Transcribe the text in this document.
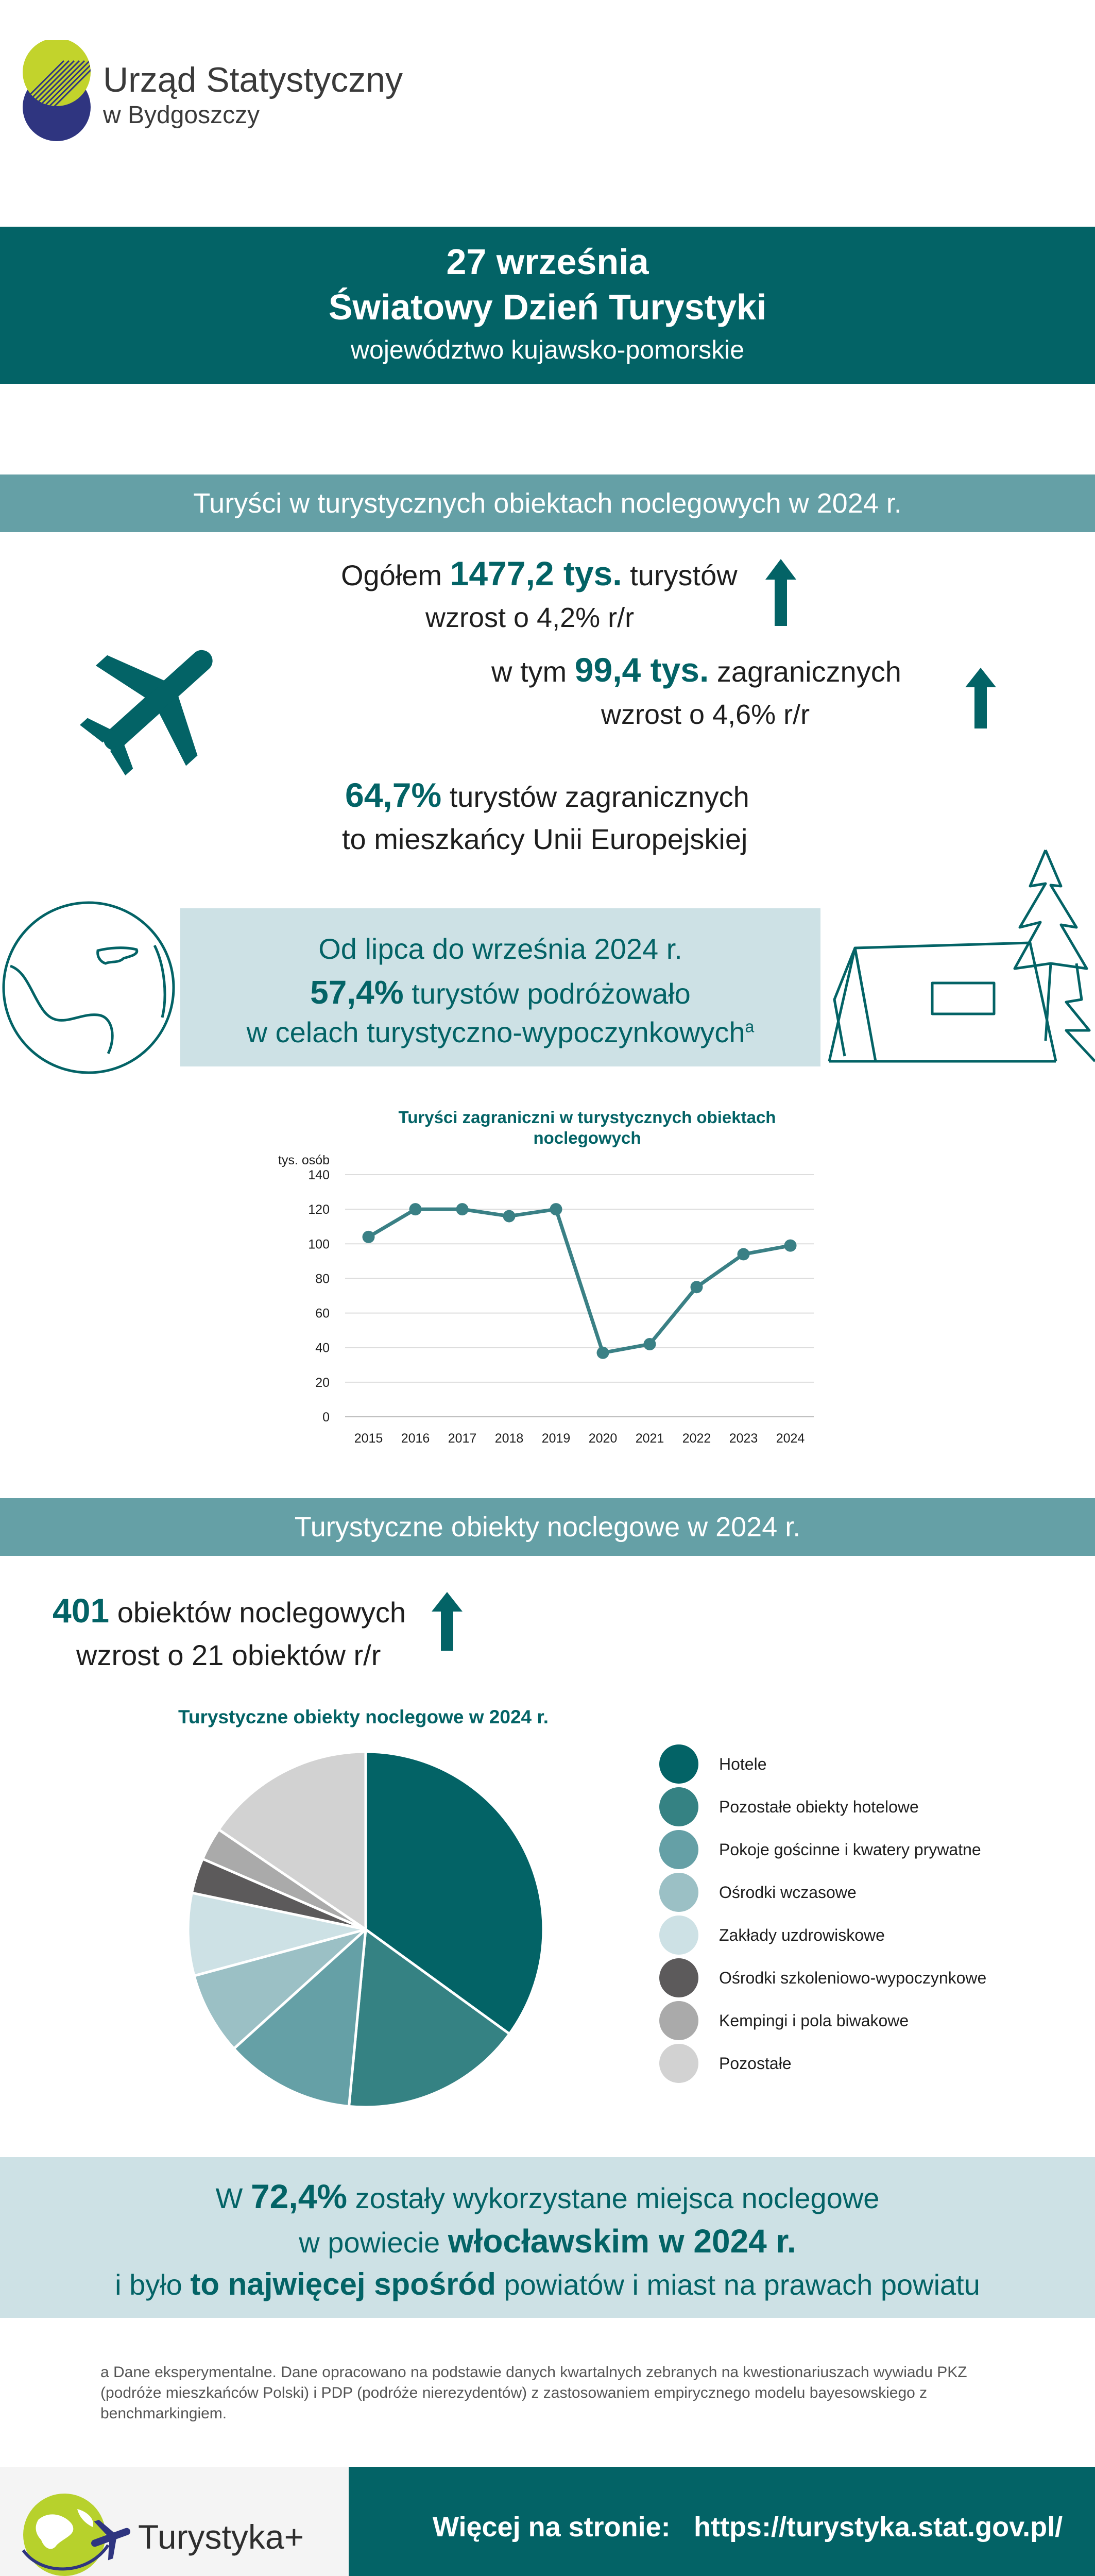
Urząd Statystyczny
w Bydgoszczy
27 września
Światowy Dzień Turystyki
województwo kujawsko-pomorskie
Turyści w turystycznych obiektach noclegowych w 2024 r.
Ogółem 1477,2 tys. turystów
wzrost o 4,2% r/r
w tym 99,4 tys. zagranicznych
wzrost o 4,6% r/r
64,7% turystów zagranicznych
to mieszkańcy Unii Europejskiej
Od lipca do września 2024 r.
57,4% turystów podróżowało
w celach turystyczno-wypoczynkowych$^a$
Turyści zagraniczni w turystycznych obiektach
noclegowych
tys. osób
0
20
40
60
80
100
120
140
2015 2016 2017 2018 2019 2020 2021 2022 2023 2024
Turystyczne obiekty noclegowe w 2024 r.
401 obiektów noclegowych
wzrost o 21 obiektów r/r
Turystyczne obiekty noclegowe w 2024 r.
Hotele
Pozostałe obiekty hotelowe
Pokoje gościnne i kwatery prywatne
Ośrodki wczasowe
Zakłady uzdrowiskowe
Ośrodki szkoleniowo-wypoczynkowe
Kempingi i pola biwakowe
Pozostałe
W 72,4% zostały wykorzystane miejsca noclegowe
w powiecie włocławskim w 2024 r.
i było to najwięcej spośród powiatów i miast na prawach powiatu
a Dane eksperymentalne. Dane opracowano na podstawie danych kwartalnych zebranych na kwestionariuszach wywiadu PKZ (podróże mieszkańców Polski) i PDP (podróże nierezydentów) z zastosowaniem empirycznego modelu bayesowskiego z benchmarkingiem.
Turystyka+	Więcej na stronie: https://turystyka.stat.gov.pl/
